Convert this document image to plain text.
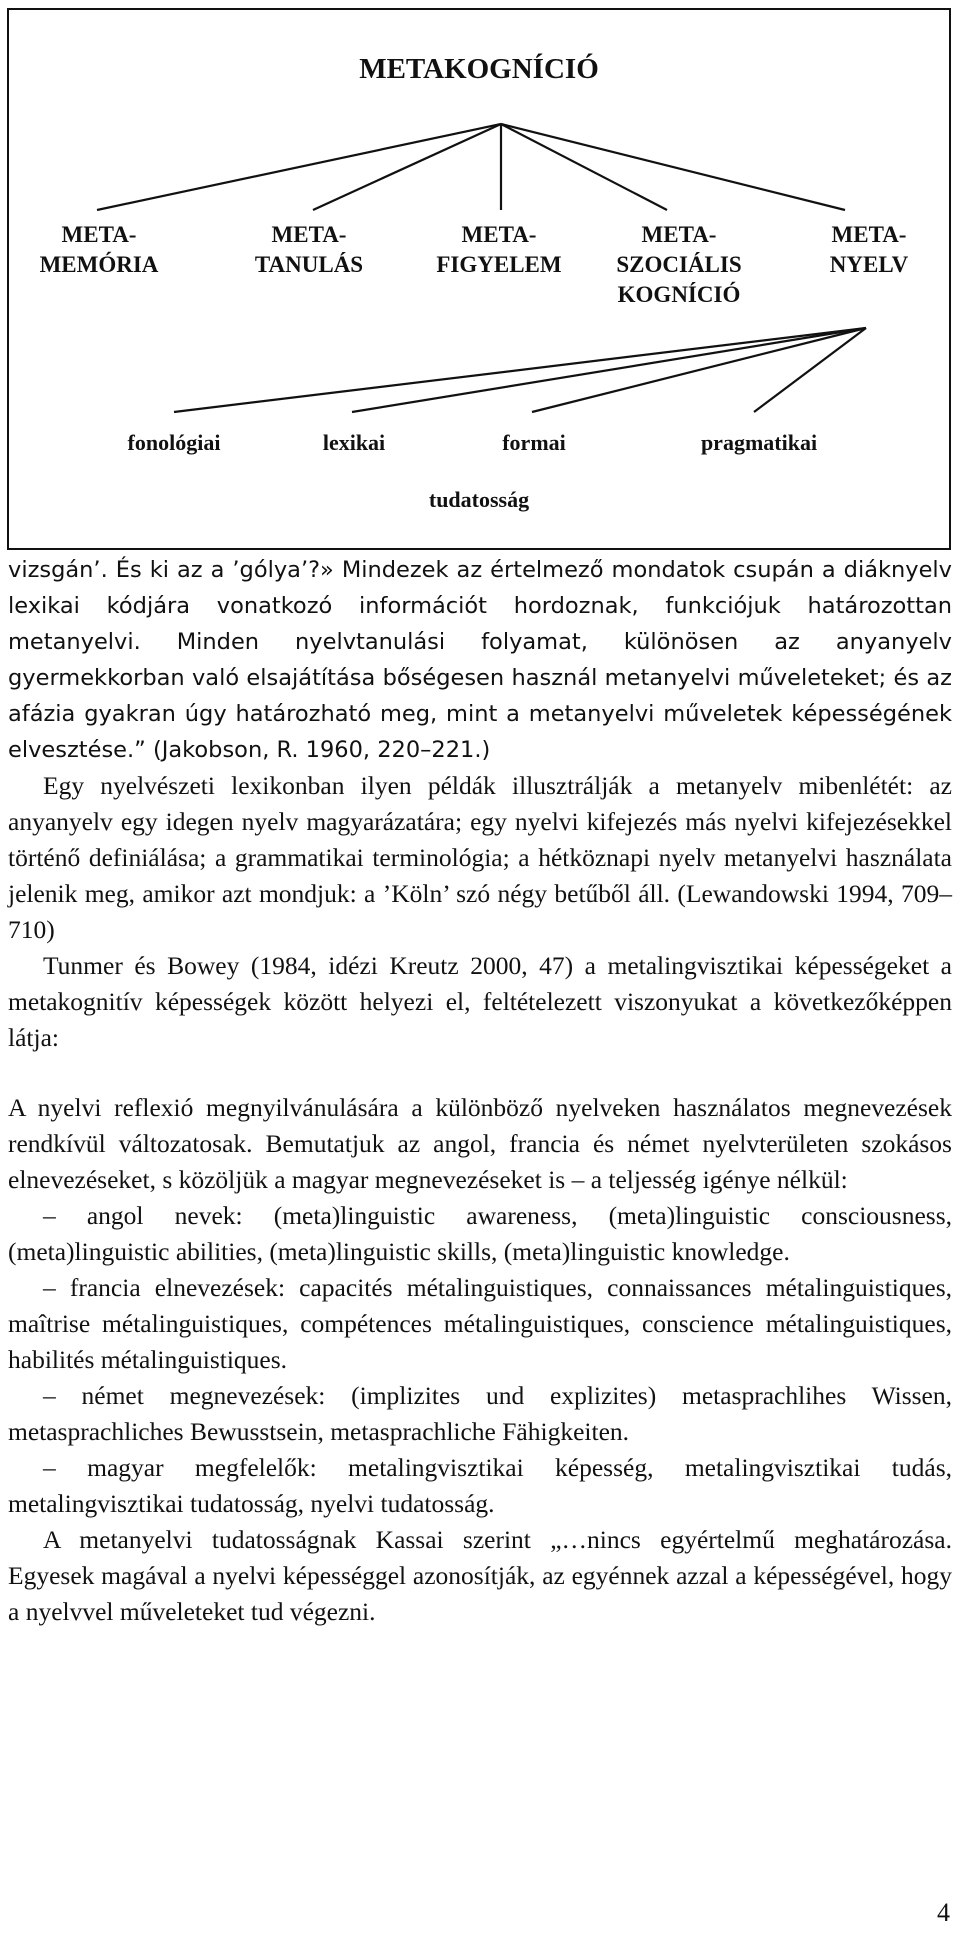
METAKOGNÍCIÓ
META-
MEMÓRIA
META-
TANULÁS
META-
FIGYELEM
META-
SZOCIÁLIS
KOGNÍCIÓ
META-
NYELV
fonológiai	lexikai	formai	pragmatikai
tudatosság

vizsgán’. És ki az a ’gólya’?» Mindezek az értelmező mondatok csupán a diáknyelv lexikai kódjára vonatkozó információt hordoznak, funkciójuk határozottan metanyelvi. Minden nyelvtanulási folyamat, különösen az anyanyelv gyermekkorban való elsajátítása bőségesen használ metanyelvi műveleteket; és az afázia gyakran úgy határozható meg, mint a metanyelvi műveletek képességének elvesztése.” (Jakobson, R. 1960, 220–221.)

Egy nyelvészeti lexikonban ilyen példák illusztrálják a metanyelv mibenlétét: az anyanyelv egy idegen nyelv magyarázatára; egy nyelvi kifejezés más nyelvi kifejezésekkel történő definiálása; a grammatikai terminológia; a hétköznapi nyelv metanyelvi használata jelenik meg, amikor azt mondjuk: a ’Köln’ szó négy betűből áll. (Lewandowski 1994, 709–710)

Tunmer és Bowey (1984, idézi Kreutz 2000, 47) a metalingvisztikai képességeket a metakognitív képességek között helyezi el, feltételezett viszonyukat a következőképpen látja:

A nyelvi reflexió megnyilvánulására a különböző nyelveken használatos megnevezések rendkívül változatosak. Bemutatjuk az angol, francia és német nyelvterületen szokásos elnevezéseket, s közöljük a magyar megnevezéseket is – a teljesség igénye nélkül:

– angol nevek: (meta)linguistic awareness, (meta)linguistic consciousness, (meta)linguistic abilities, (meta)linguistic skills, (meta)linguistic knowledge.

– francia elnevezések: capacités métalinguistiques, connaissances métalinguistiques, maîtrise métalinguistiques, compétences métalinguistiques, conscience métalinguistiques, habilités métalinguistiques.

– német megnevezések: (implizites und explizites) metasprachlihes Wissen, metasprachliches Bewusstsein, metasprachliche Fähigkeiten.

– magyar megfelelők: metalingvisztikai képesség, metalingvisztikai tudás, metalingvisztikai tudatosság, nyelvi tudatosság.

A metanyelvi tudatosságnak Kassai szerint „…nincs egyértelmű meghatározása. Egyesek magával a nyelvi képességgel azonosítják, az egyénnek azzal a képességével, hogy a nyelvvel műveleteket tud végezni.

4
